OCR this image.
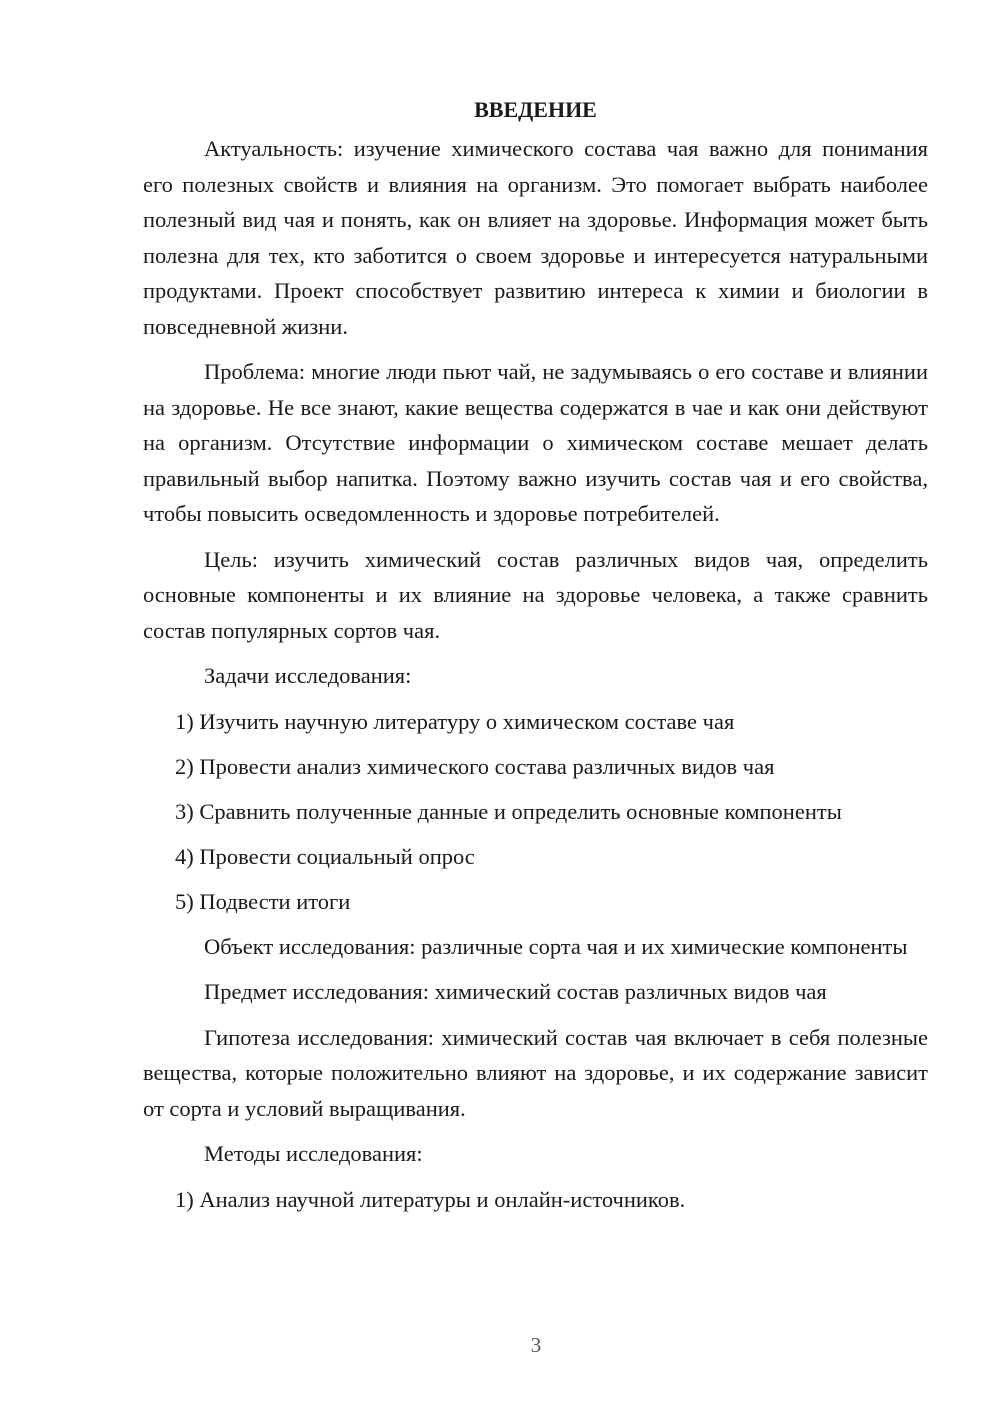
ВВЕДЕНИЕ

Актуальность: изучение химического состава чая важно для понимания его полезных свойств и влияния на организм. Это помогает выбрать наиболее полезный вид чая и понять, как он влияет на здоровье. Информация может быть полезна для тех, кто заботится о своем здоровье и интересуется натуральными продуктами. Проект способствует развитию интереса к химии и биологии в повседневной жизни.

Проблема: многие люди пьют чай, не задумываясь о его составе и влиянии на здоровье. Не все знают, какие вещества содержатся в чае и как они действуют на организм. Отсутствие информации о химическом составе мешает делать правильный выбор напитка. Поэтому важно изучить состав чая и его свойства, чтобы повысить осведомленность и здоровье потребителей.

Цель: изучить химический состав различных видов чая, определить основные компоненты и их влияние на здоровье человека, а также сравнить состав популярных сортов чая.

Задачи исследования:

1) Изучить научную литературу о химическом составе чая
2) Провести анализ химического состава различных видов чая
3) Сравнить полученные данные и определить основные компоненты
4) Провести социальный опрос
5) Подвести итоги

Объект исследования: различные сорта чая и их химические компоненты

Предмет исследования: химический состав различных видов чая

Гипотеза исследования: химический состав чая включает в себя полезные вещества, которые положительно влияют на здоровье, и их содержание зависит от сорта и условий выращивания.

Методы исследования:

1) Анализ научной литературы и онлайн-источников.
3
